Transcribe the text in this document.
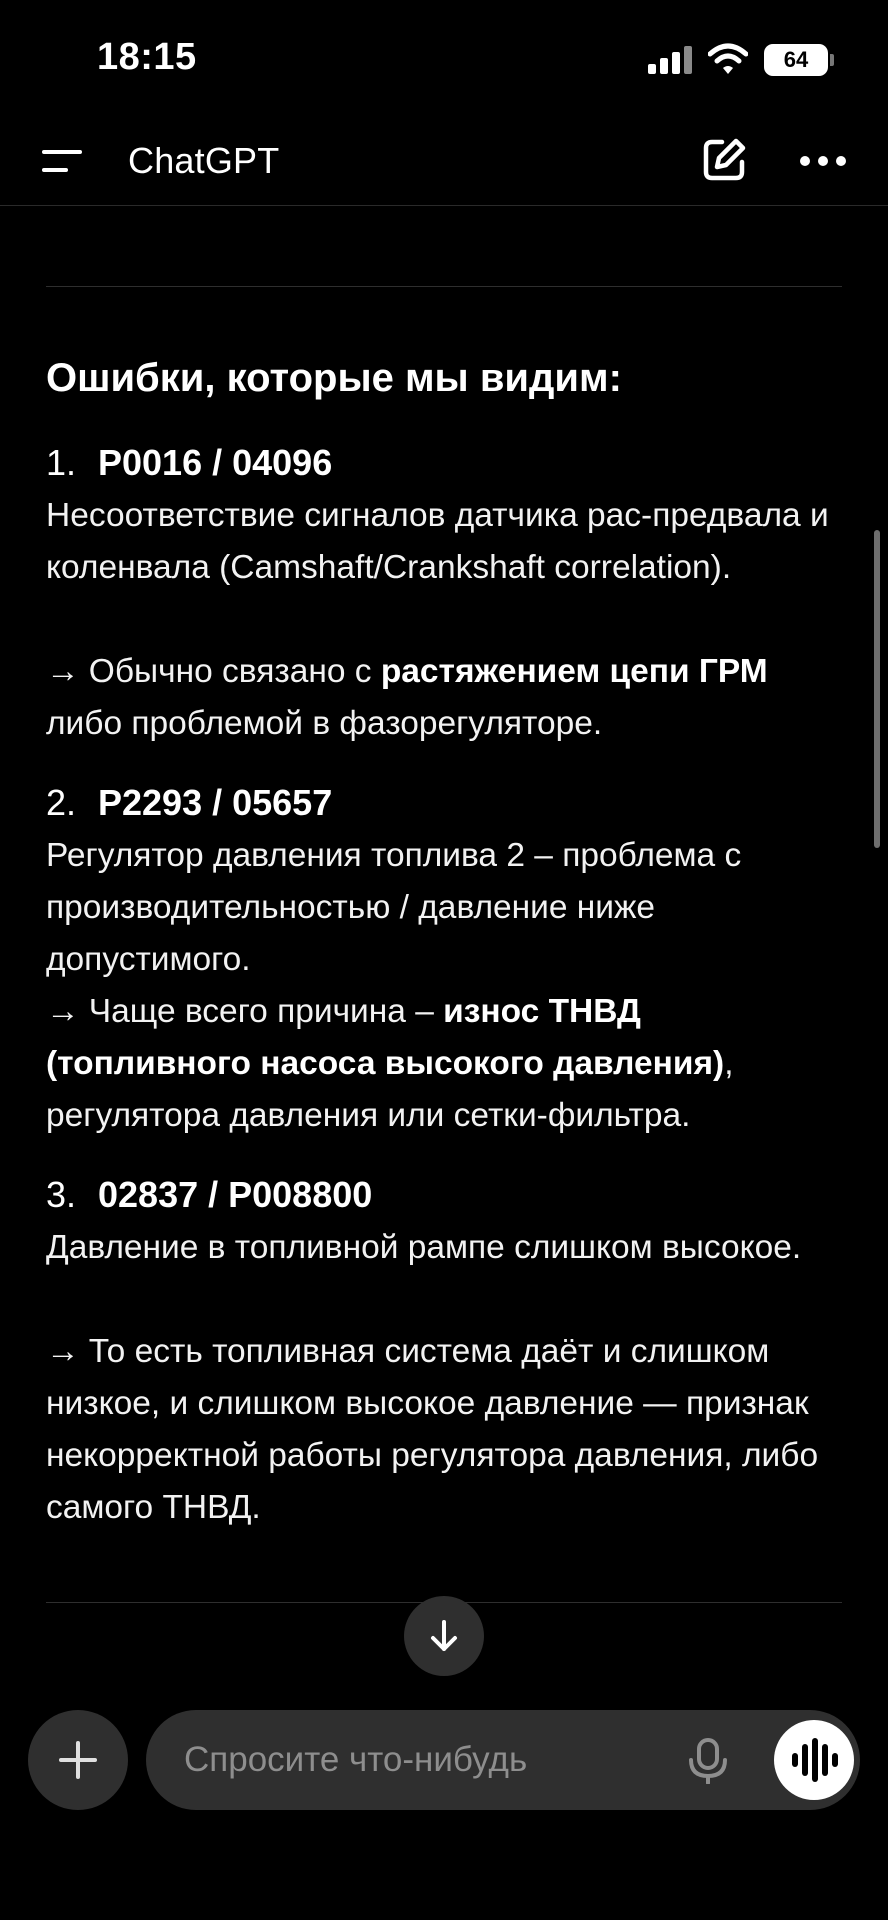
18:15	64
ChatGPT
Ошибки, которые мы видим:
1. P0016 / 04096
Несоответствие сигналов датчика рас-предвала и коленвала (Camshaft/Crankshaft correlation).
→ Обычно связано с растяжением цепи ГРМ либо проблемой в фазорегуляторе.
2. P2293 / 05657
Регулятор давления топлива 2 – проблема с производительностью / давление ниже допустимого.
→ Чаще всего причина – износ ТНВД (топливного насоса высокого давления), регулятора давления или сетки-фильтра.
3. 02837 / P008800
Давление в топливной рампе слишком высокое.
→ То есть топливная система даёт и слишком низкое, и слишком высокое давление — признак некорректной работы регулятора давления, либо самого ТНВД.
Спросите что-нибудь
